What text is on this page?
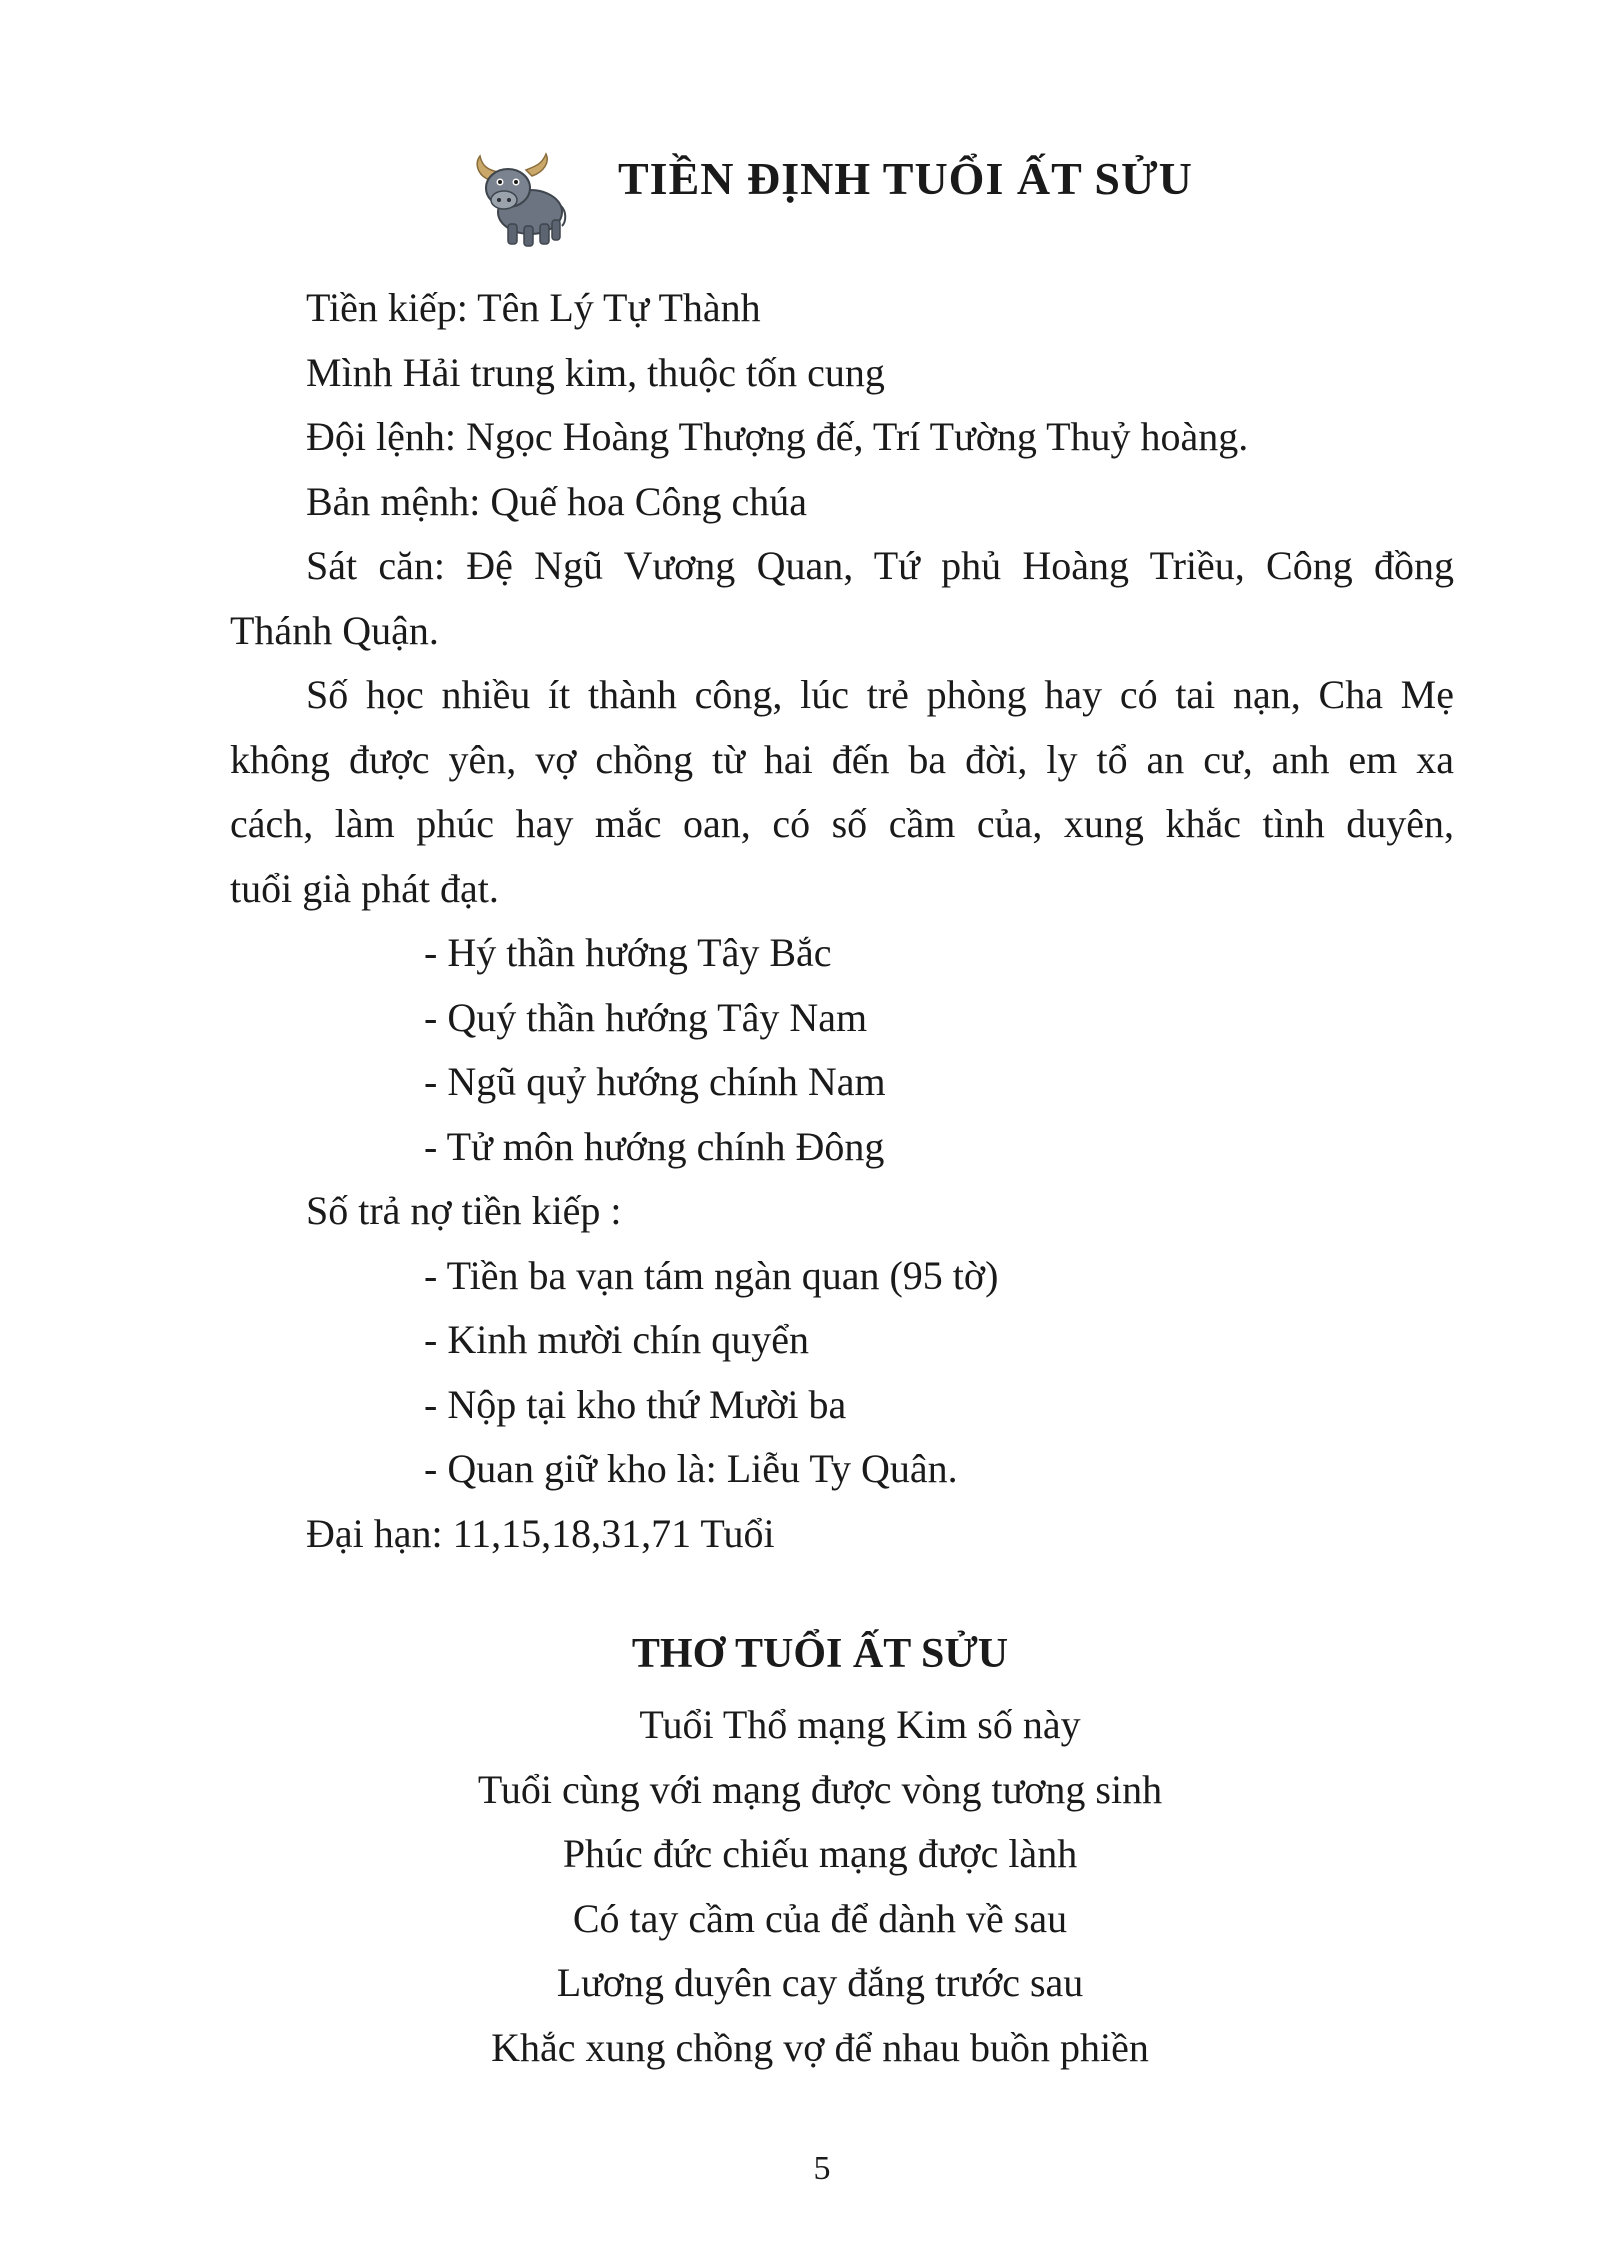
TIỀN ĐỊNH TUỔI ẤT SỬU
Tiền kiếp: Tên Lý Tự Thành
Mình Hải trung kim, thuộc tốn cung
Đội lệnh: Ngọc Hoàng Thượng đế, Trí Tường Thuỷ hoàng.
Bản mệnh: Quế hoa Công chúa
Sát căn: Đệ Ngũ Vương Quan, Tứ phủ Hoàng Triều, Công đồng
Thánh Quận.
Số học nhiều ít thành công, lúc trẻ phòng hay có tai nạn, Cha Mẹ
không được yên, vợ chồng từ hai đến ba đời, ly tổ an cư, anh em xa
cách, làm phúc hay mắc oan, có số cầm của, xung khắc tình duyên,
tuổi già phát đạt.
- Hý thần hướng Tây Bắc
- Quý thần hướng Tây Nam
- Ngũ quỷ hướng chính Nam
- Tử môn hướng chính Đông
Số trả nợ tiền kiếp :
- Tiền ba vạn tám ngàn quan (95 tờ)
- Kinh mười chín quyển
- Nộp tại kho thứ Mười ba
- Quan giữ kho là: Liễu Ty Quân.
Đại hạn: 11,15,18,31,71 Tuổi
THƠ TUỔI ẤT SỬU
Tuổi Thổ mạng Kim số này
Tuổi cùng với mạng được vòng tương sinh
Phúc đức chiếu mạng được lành
Có tay cầm của để dành về sau
Lương duyên cay đắng trước sau
Khắc xung chồng vợ để nhau buồn phiền
5
